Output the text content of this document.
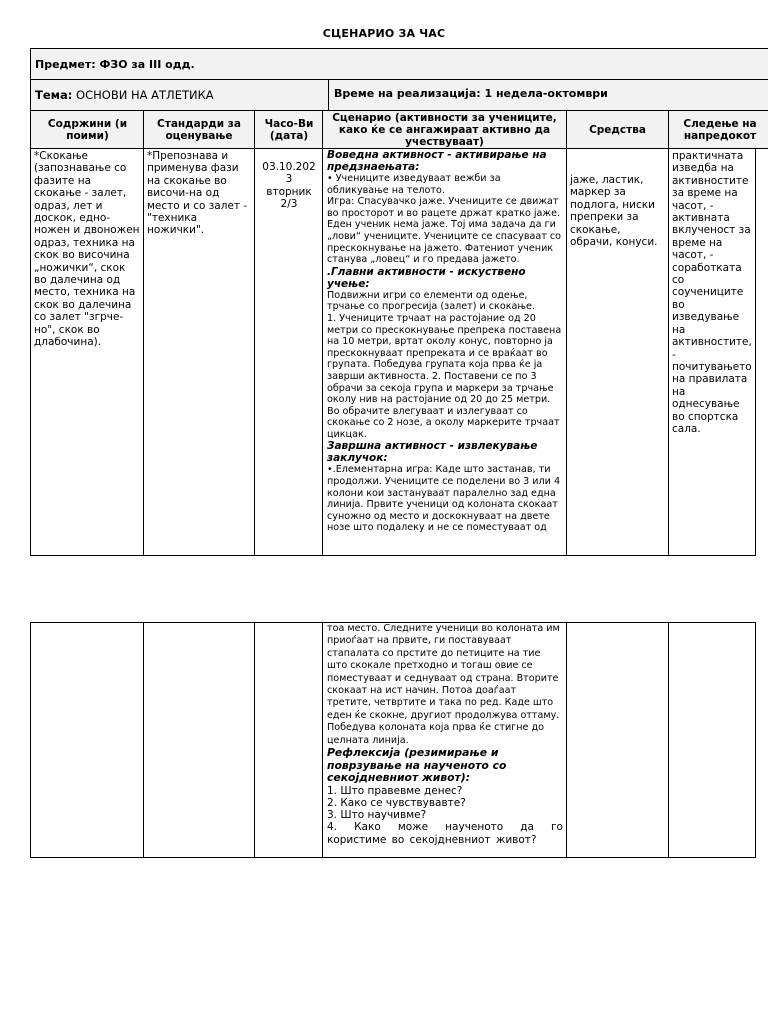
СЦЕНАРИО ЗА ЧАС
Предмет: ФЗО за III одд.
Тема: ОСНОВИ НА АТЛЕТИКА	Време на реализација: 1 недела-октомври
Содржини (и поими)
Стандарди за оценување
Часо-Ви (дата)
Сценарио (активности за учениците, како ќе се ангажираат активно да учествуваат)
Средства	Следење на напредокот
*Скокање (запознавање со фазите на скокање - залет, одраз, лет и доскок, едно-ножен и двоножен одраз, техника на скок во височина „ножички“, скок во далечина од место, техника на скок во далечина со залет "згрче-но", скок во длабочина).
*Препознава и применува фази на скокање во височи-на од место и со залет - "техника ножички".
03.10.202
3
вторник
2/3
Воведна активност - активирање на предзнаењата:
• Учениците изведуваат вежби за обликување на телото.
Игра: Спасувачко јаже. Учениците се движат во просторот и во рацете држат кратко јаже. Еден ученик нема јаже. Тој има задача да ги „лови“ учениците. Учениците се спасуваат со прескокнување на јажето. Фатениот ученик станува „ловец“ и го предава јажето.
.Главни активности - искуствено учење:
Подвижни игри со елементи од одење, трчање со прогресија (залет) и скокање.
1. Учениците трчаат на растојание од 20 метри со прескокнување препрека поставена на 10 метри, вртат околу конус, повторно ја прескокнуваат препреката и се враќаат во групата. Победува групата која прва ќе ја заврши активноста. 2. Поставени се по 3 обрачи за секоја група и маркери за трчање околу нив на растојание од 20 до 25 метри. Во обрачите влегуваат и излегуваат со скокање со 2 нозе, а околу маркерите трчаат цикцак.
Завршна активност - извлекување заклучок:
•.Елементарна игра: Каде што застанав, ти продолжи. Учениците се поделени во 3 или 4 колони кои застануваат паралелно зад една линија. Првите ученици од колоната скокаат суножно од место и доскокнуваат на двете нозе што подалеку и не се поместуваат од
јаже, ластик, маркер за подлога, ниски препреки за скокање, обрачи, конуси.
практичната изведба на активностите за време на часот, - активната вклученост за време на часот, - соработката со соучениците во изведување на активностите, - почитувањето на правилата на однесување во спортска сала.
тоа место. Следните ученици во колоната им приоѓаат на првите, ги поставуваат стапалата со прстите до петиците на тие што скокале претходно и тогаш овие се поместуваат и седнуваат од страна. Вторите скокаат на ист начин. Потоа доаѓаат третите, четвртите и така по ред. Каде што еден ќе скокне, другиот продолжува оттаму. Победува колоната која прва ќе стигне до целната линија.
Рефлексија (резимирање и поврзување на наученото со секојдневниот живот):
1. Што правевме денес?
2. Како се чувствувавте?
3. Што научивме?
4. Како може наученото да го користиме во секојдневниот живот?
